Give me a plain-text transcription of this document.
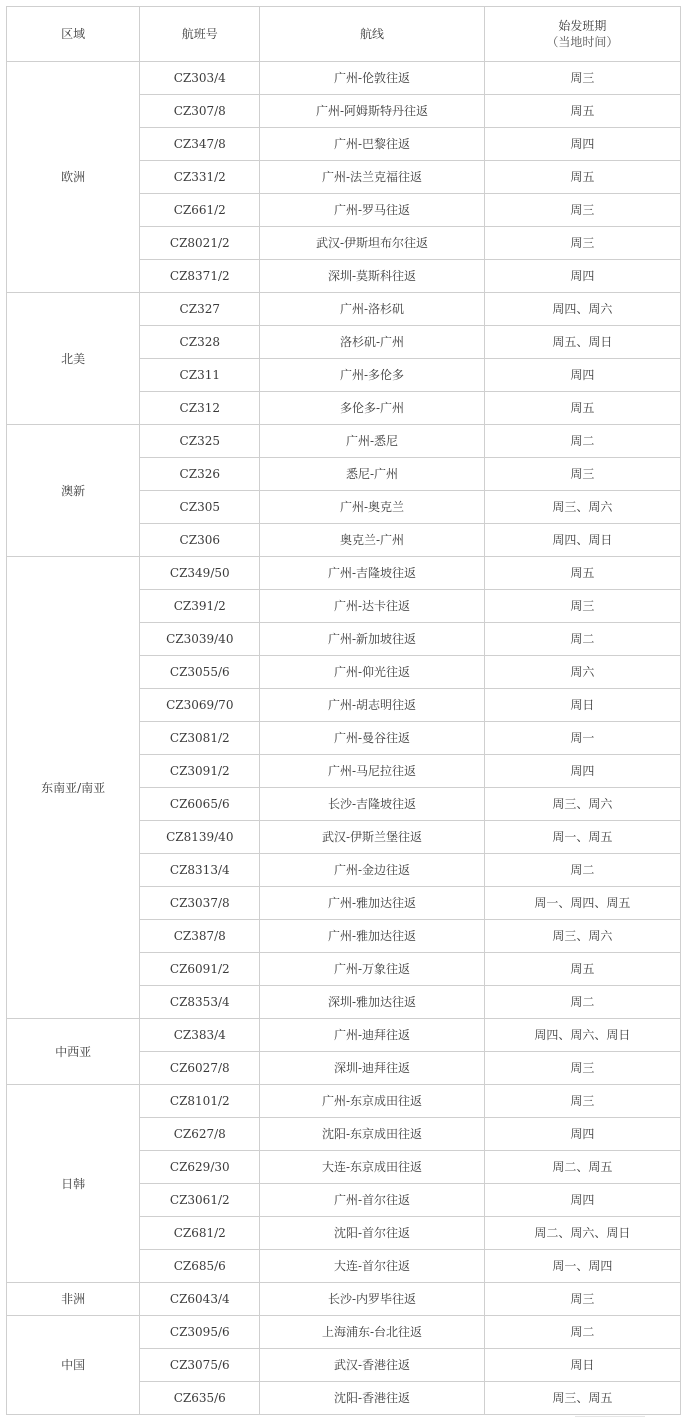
区域	航班号	航线	始发班期
（当地时间）

欧洲	CZ303/4	广州-伦敦往返	周三
	CZ307/8	广州-阿姆斯特丹往返	周五
	CZ347/8	广州-巴黎往返	周四
	CZ331/2	广州-法兰克福往返	周五
	CZ661/2	广州-罗马往返	周三
	CZ8021/2	武汉-伊斯坦布尔往返	周三
	CZ8371/2	深圳-莫斯科往返	周四
北美	CZ327	广州-洛杉矶	周四、周六
	CZ328	洛杉矶-广州	周五、周日
	CZ311	广州-多伦多	周四
	CZ312	多伦多-广州	周五
澳新	CZ325	广州-悉尼	周二
	CZ326	悉尼-广州	周三
	CZ305	广州-奥克兰	周三、周六
	CZ306	奥克兰-广州	周四、周日
东南亚/南亚	CZ349/50	广州-吉隆坡往返	周五
	CZ391/2	广州-达卡往返	周三
	CZ3039/40	广州-新加坡往返	周二
	CZ3055/6	广州-仰光往返	周六
	CZ3069/70	广州-胡志明往返	周日
	CZ3081/2	广州-曼谷往返	周一
	CZ3091/2	广州-马尼拉往返	周四
	CZ6065/6	长沙-吉隆坡往返	周三、周六
	CZ8139/40	武汉-伊斯兰堡往返	周一、周五
	CZ8313/4	广州-金边往返	周二
	CZ3037/8	广州-雅加达往返	周一、周四、周五
	CZ387/8	广州-雅加达往返	周三、周六
	CZ6091/2	广州-万象往返	周五
	CZ8353/4	深圳-雅加达往返	周二
中西亚	CZ383/4	广州-迪拜往返	周四、周六、周日
	CZ6027/8	深圳-迪拜往返	周三
日韩	CZ8101/2	广州-东京成田往返	周三
	CZ627/8	沈阳-东京成田往返	周四
	CZ629/30	大连-东京成田往返	周二、周五
	CZ3061/2	广州-首尔往返	周四
	CZ681/2	沈阳-首尔往返	周二、周六、周日
	CZ685/6	大连-首尔往返	周一、周四
非洲	CZ6043/4	长沙-内罗毕往返	周三
中国	CZ3095/6	上海浦东-台北往返	周二
	CZ3075/6	武汉-香港往返	周日
	CZ635/6	沈阳-香港往返	周三、周五
